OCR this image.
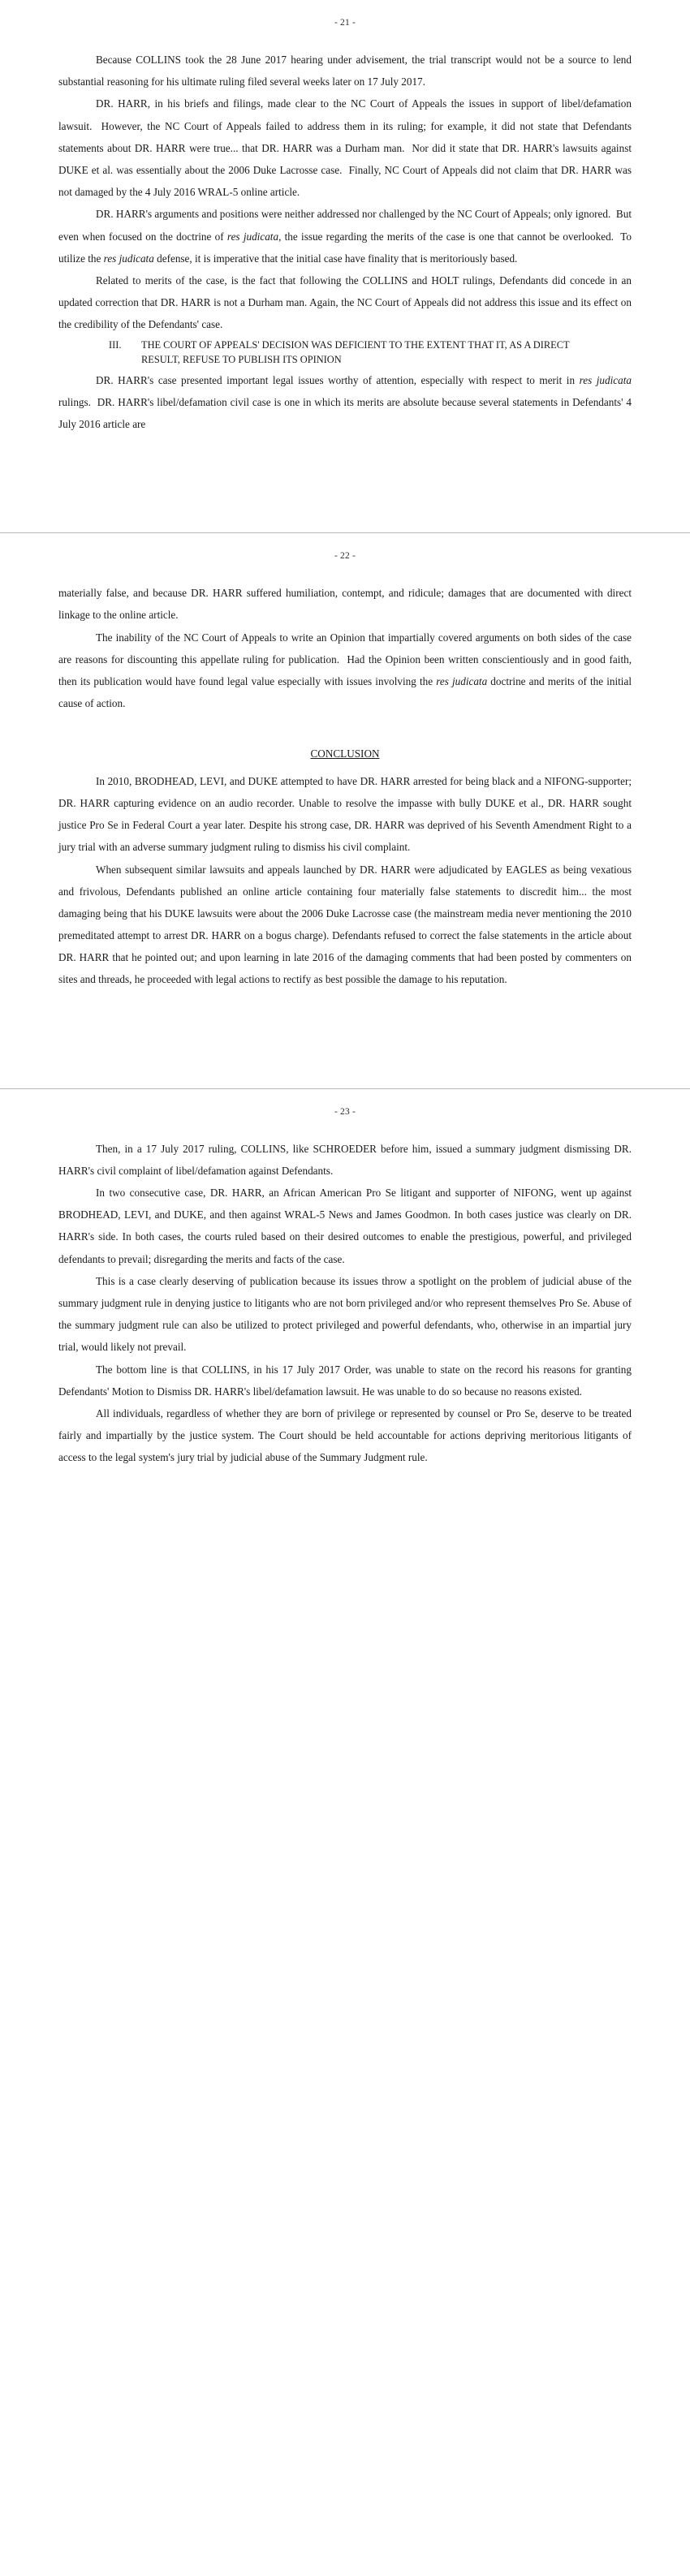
- 21 -

Because COLLINS took the 28 June 2017 hearing under advisement, the trial transcript would not be a source to lend substantial reasoning for his ultimate ruling filed several weeks later on 17 July 2017.

DR. HARR, in his briefs and filings, made clear to the NC Court of Appeals the issues in support of libel/defamation lawsuit.  However, the NC Court of Appeals failed to address them in its ruling; for example, it did not state that Defendants statements about DR. HARR were true... that DR. HARR was a Durham man.  Nor did it state that DR. HARR's lawsuits against DUKE et al. was essentially about the 2006 Duke Lacrosse case.  Finally, NC Court of Appeals did not claim that DR. HARR was not damaged by the 4 July 2016 WRAL-5 online article.

DR. HARR's arguments and positions were neither addressed nor challenged by the NC Court of Appeals; only ignored.  But even when focused on the doctrine of res judicata, the issue regarding the merits of the case is one that cannot be overlooked.  To utilize the res judicata defense, it is imperative that the initial case have finality that is meritoriously based.

Related to merits of the case, is the fact that following the COLLINS and HOLT rulings, Defendants did concede in an updated correction that DR. HARR is not a Durham man. Again, the NC Court of Appeals did not address this issue and its effect on the credibility of the Defendants' case.

III.	THE COURT OF APPEALS' DECISION WAS DEFICIENT TO THE EXTENT THAT IT, AS A DIRECT RESULT, REFUSE TO PUBLISH ITS OPINION

DR. HARR's case presented important legal issues worthy of attention, especially with respect to merit in res judicata rulings.  DR. HARR's libel/defamation civil case is one in which its merits are absolute because several statements in Defendants' 4 July 2016 article are

- 22 -

materially false, and because DR. HARR suffered humiliation, contempt, and ridicule; damages that are documented with direct linkage to the online article.

The inability of the NC Court of Appeals to write an Opinion that impartially covered arguments on both sides of the case are reasons for discounting this appellate ruling for publication.  Had the Opinion been written conscientiously and in good faith, then its publication would have found legal value especially with issues involving the res judicata doctrine and merits of the initial cause of action.

CONCLUSION

In 2010, BRODHEAD, LEVI, and DUKE attempted to have DR. HARR arrested for being black and a NIFONG-supporter; DR. HARR capturing evidence on an audio recorder. Unable to resolve the impasse with bully DUKE et al., DR. HARR sought justice Pro Se in Federal Court a year later. Despite his strong case, DR. HARR was deprived of his Seventh Amendment Right to a jury trial with an adverse summary judgment ruling to dismiss his civil complaint.

When subsequent similar lawsuits and appeals launched by DR. HARR were adjudicated by EAGLES as being vexatious and frivolous, Defendants published an online article containing four materially false statements to discredit him... the most damaging being that his DUKE lawsuits were about the 2006 Duke Lacrosse case (the mainstream media never mentioning the 2010 premeditated attempt to arrest DR. HARR on a bogus charge). Defendants refused to correct the false statements in the article about DR. HARR that he pointed out; and upon learning in late 2016 of the damaging comments that had been posted by commenters on sites and threads, he proceeded with legal actions to rectify as best possible the damage to his reputation.

- 23 -

Then, in a 17 July 2017 ruling, COLLINS, like SCHROEDER before him, issued a summary judgment dismissing DR. HARR's civil complaint of libel/defamation against Defendants.

In two consecutive case, DR. HARR, an African American Pro Se litigant and supporter of NIFONG, went up against BRODHEAD, LEVI, and DUKE, and then against WRAL-5 News and James Goodmon. In both cases justice was clearly on DR. HARR's side. In both cases, the courts ruled based on their desired outcomes to enable the prestigious, powerful, and privileged defendants to prevail; disregarding the merits and facts of the case.

This is a case clearly deserving of publication because its issues throw a spotlight on the problem of judicial abuse of the summary judgment rule in denying justice to litigants who are not born privileged and/or who represent themselves Pro Se. Abuse of the summary judgment rule can also be utilized to protect privileged and powerful defendants, who, otherwise in an impartial jury trial, would likely not prevail.

The bottom line is that COLLINS, in his 17 July 2017 Order, was unable to state on the record his reasons for granting Defendants' Motion to Dismiss DR. HARR's libel/defamation lawsuit. He was unable to do so because no reasons existed.

All individuals, regardless of whether they are born of privilege or represented by counsel or Pro Se, deserve to be treated fairly and impartially by the justice system. The Court should be held accountable for actions depriving meritorious litigants of access to the legal system's jury trial by judicial abuse of the Summary Judgment rule.
